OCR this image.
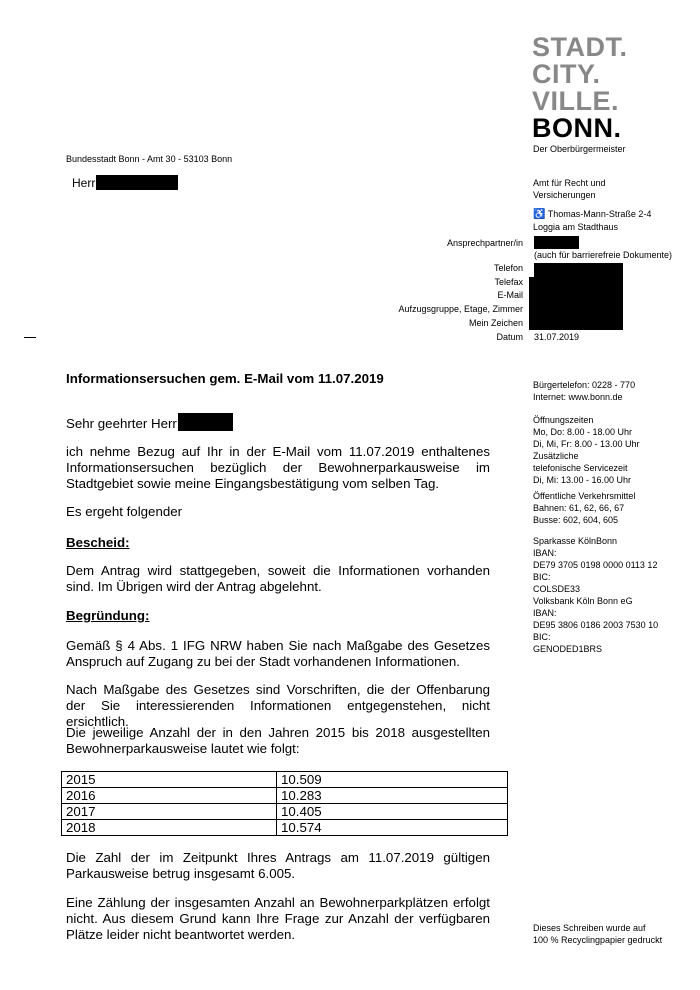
STADT.
CITY.
VILLE.
BONN.
Der Oberbürgermeister
Bundesstadt Bonn - Amt 30 - 53103 Bonn
Herr	Amt für Recht und
Versicherungen
♿ Thomas-Mann-Straße 2-4
Loggia am Stadthaus
Ansprechpartner/in
(auch für barrierefreie Dokumente)
Telefon
Telefax
E-Mail
Aufzugsgruppe, Etage, Zimmer
Mein Zeichen
Datum 31.07.2019
Informationsersuchen gem. E-Mail vom 11.07.2019	Bürgertelefon: 0228 - 770
Internet: www.bonn.de
Öffnungszeiten
Mo, Do: 8.00 - 18.00 Uhr
Di, Mi, Fr: 8.00 - 13.00 Uhr
Zusätzliche
telefonische Servicezeit
Di, Mi: 13.00 - 16.00 Uhr
Öffentliche Verkehrsmittel
Bahnen: 61, 62, 66, 67
Busse: 602, 604, 605
Sparkasse KölnBonn
IBAN:
DE79 3705 0198 0000 0113 12
BIC:
COLSDE33
Volksbank Köln Bonn eG
IBAN:
DE95 3806 0186 2003 7530 10
BIC:
GENODED1BRS
Dieses Schreiben wurde auf
100 % Recyclingpapier gedruckt
Sehr geehrter Herr
ich nehme Bezug auf Ihr in der E-Mail vom 11.07.2019 enthaltenes Informationsersuchen bezüglich der Bewohnerparkausweise im Stadtgebiet sowie meine Eingangsbestätigung vom selben Tag.
Es ergeht folgender
Bescheid:
Dem Antrag wird stattgegeben, soweit die Informationen vorhanden sind. Im Übrigen wird der Antrag abgelehnt.
Begründung:
Gemäß § 4 Abs. 1 IFG NRW haben Sie nach Maßgabe des Gesetzes Anspruch auf Zugang zu bei der Stadt vorhandenen Informationen.
Nach Maßgabe des Gesetzes sind Vorschriften, die der Offenbarung der Sie interessierenden Informationen entgegenstehen, nicht ersichtlich.
Die jeweilige Anzahl der in den Jahren 2015 bis 2018 ausgestellten Bewohnerparkausweise lautet wie folgt:
2015	10.509
2016	10.283
2017	10.405
2018	10.574
Die Zahl der im Zeitpunkt Ihres Antrags am 11.07.2019 gültigen Parkausweise betrug insgesamt 6.005.
Eine Zählung der insgesamten Anzahl an Bewohnerparkplätzen erfolgt nicht. Aus diesem Grund kann Ihre Frage zur Anzahl der verfügbaren Plätze leider nicht beantwortet werden.
